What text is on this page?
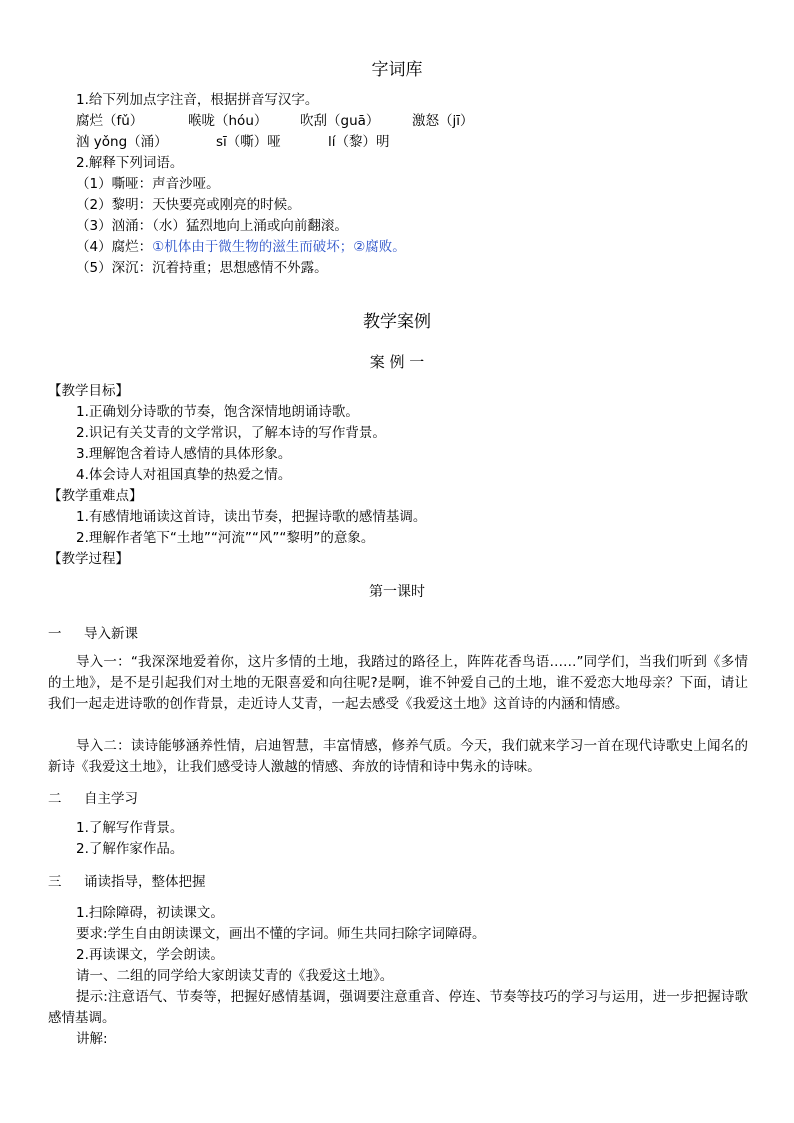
字词库
1.给下列加点字注音，根据拼音写汉字。
腐烂（fǔ）	喉咙（hóu） 吹刮（guā） 激怒（jī）
汹 yǒng（涌）	sī（嘶）哑	lí（黎）明
2.解释下列词语。
（1）嘶哑：声音沙哑。
（2）黎明：天快要亮或刚亮的时候。
（3）汹涌：（水）猛烈地向上涌或向前翻滚。
（4）腐烂：①机体由于微生物的滋生而破坏；②腐败。
（5）深沉：沉着持重；思想感情不外露。
教学案例
案 例 一
【教学目标】
1.正确划分诗歌的节奏，饱含深情地朗诵诗歌。
2.识记有关艾青的文学常识，了解本诗的写作背景。
3.理解饱含着诗人感情的具体形象。
4.体会诗人对祖国真挚的热爱之情。
【教学重难点】
1.有感情地诵读这首诗，读出节奏，把握诗歌的感情基调。
2.理解作者笔下“土地”“河流”“风”“黎明”的意象。
【教学过程】
第一课时
一 导入新课
导入一：“我深深地爱着你，这片多情的土地，我踏过的路径上，阵阵花香鸟语……”同学们，当我们听到《多情的土地》，是不是引起我们对土地的无限喜爱和向往呢?是啊，谁不钟爱自己的土地，谁不爱恋大地母亲？下面，请让我们一起走进诗歌的创作背景，走近诗人艾青，一起去感受《我爱这土地》这首诗的内涵和情感。
导入二：读诗能够涵养性情，启迪智慧，丰富情感，修养气质。今天，我们就来学习一首在现代诗歌史上闻名的新诗《我爱这土地》，让我们感受诗人激越的情感、奔放的诗情和诗中隽永的诗味。
二 自主学习
1.了解写作背景。
2.了解作家作品。
三 诵读指导，整体把握
1.扫除障碍，初读课文。
要求:学生自由朗读课文，画出不懂的字词。师生共同扫除字词障碍。
2.再读课文，学会朗读。
请一、二组的同学给大家朗读艾青的《我爱这土地》。
提示:注意语气、节奏等，把握好感情基调，强调要注意重音、停连、节奏等技巧的学习与运用，进一步把握诗歌感情基调。
讲解:
